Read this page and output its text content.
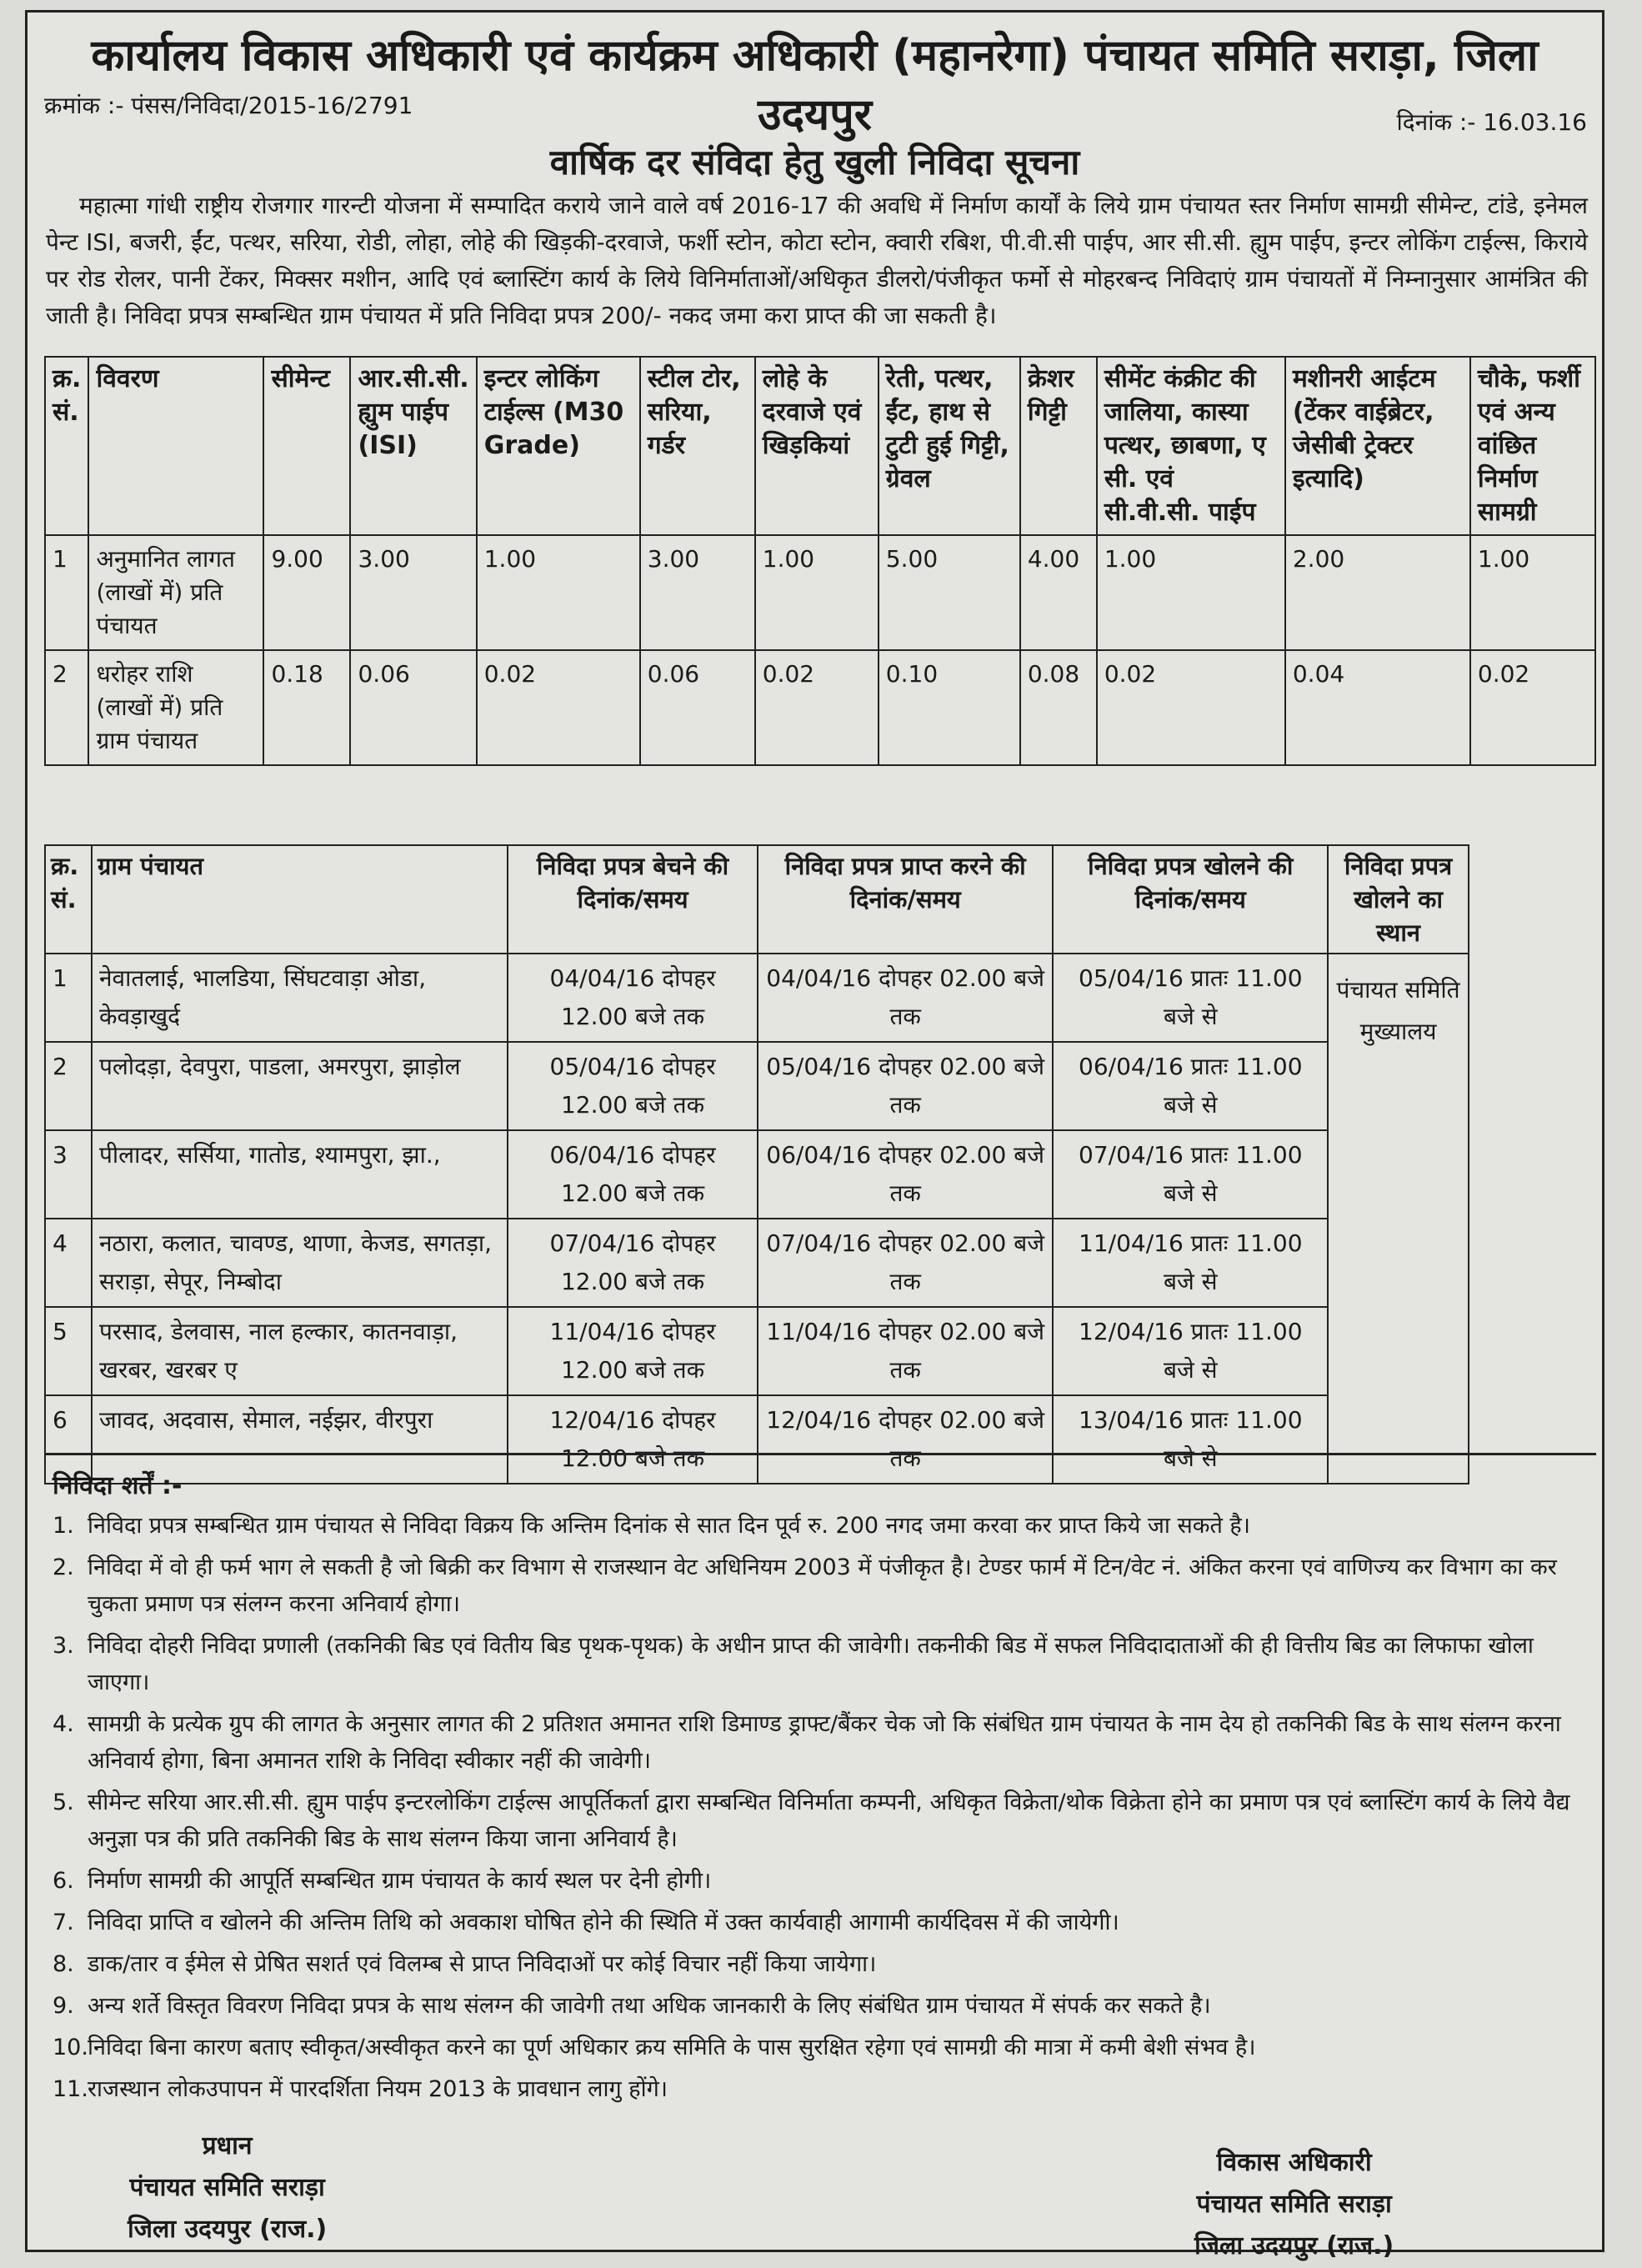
कार्यालय विकास अधिकारी एवं कार्यक्रम अधिकारी (महानरेगा) पंचायत समिति सराड़ा, जिला उदयपुर
क्रमांक :- पंसस/निविदा/2015-16/2791
दिनांक :- 16.03.16
वार्षिक दर संविदा हेतु खुली निविदा सूचना
महात्मा गांधी राष्ट्रीय रोजगार गारन्टी योजना में सम्पादित कराये जाने वाले वर्ष 2016-17 की अवधि में निर्माण कार्यों के लिये ग्राम पंचायत स्तर निर्माण सामग्री सीमेन्ट, टांडे, इनेमल पेन्ट ISI, बजरी, ईंट, पत्थर, सरिया, रोडी, लोहा, लोहे की खिड़की-दरवाजे, फर्शी स्टोन, कोटा स्टोन, क्वारी रबिश, पी.वी.सी पाईप, आर सी.सी. ह्युम पाईप, इन्टर लोकिंग टाईल्स, किराये पर रोड रोलर, पानी टेंकर, मिक्सर मशीन, आदि एवं ब्लास्टिंग कार्य के लिये विनिर्माताओं/अधिकृत डीलरो/पंजीकृत फर्मो से मोहरबन्द निविदाएं ग्राम पंचायतों में निम्नानुसार आमंत्रित की जाती है। निविदा प्रपत्र सम्बन्धित ग्राम पंचायत में प्रति निविदा प्रपत्र 200/- नकद जमा करा प्राप्त की जा सकती है।
क्र. सं.	विवरण	सीमेन्ट	आर.सी.सी. ह्युम पाईप (ISI)	इन्टर लोकिंग टाईल्स (M30 Grade)	स्टील टोर, सरिया, गर्डर	लोहे के दरवाजे एवं खिड़कियां	रेती, पत्थर, ईंट, हाथ से टुटी हुई गिट्टी, ग्रेवल	क्रेशर गिट्टी	सीमेंट कंक्रीट की जालिया, कास्या पत्थर, छाबणा, ए सी. एवं सी.वी.सी. पाईप	मशीनरी आईटम (टेंकर वाईब्रेटर, जेसीबी ट्रेक्टर इत्यादि)	चौके, फर्शी एवं अन्य वांछित निर्माण सामग्री
1	अनुमानित लागत (लाखों में) प्रति पंचायत	9.00	3.00	1.00	3.00	1.00	5.00	4.00	1.00	2.00	1.00
2	धरोहर राशि (लाखों में) प्रति ग्राम पंचायत	0.18	0.06	0.02	0.06	0.02	0.10	0.08	0.02	0.04	0.02
क्र. सं.	ग्राम पंचायत	निविदा प्रपत्र बेचने की दिनांक/समय	निविदा प्रपत्र प्राप्त करने की दिनांक/समय	निविदा प्रपत्र खोलने की दिनांक/समय	निविदा प्रपत्र खोलने का स्थान
1	नेवातलाई, भालडिया, सिंघटवाड़ा ओडा, केवड़ाखुर्द	04/04/16 दोपहर 12.00 बजे तक	04/04/16 दोपहर 02.00 बजे तक	05/04/16 प्रातः 11.00 बजे से	पंचायत समिति मुख्यालय
2	पलोदड़ा, देवपुरा, पाडला, अमरपुरा, झाड़ोल	05/04/16 दोपहर 12.00 बजे तक	05/04/16 दोपहर 02.00 बजे तक	06/04/16 प्रातः 11.00 बजे से	
3	पीलादर, सर्सिया, गातोड, श्यामपुरा, झा.,	06/04/16 दोपहर 12.00 बजे तक	06/04/16 दोपहर 02.00 बजे तक	07/04/16 प्रातः 11.00 बजे से	
4	नठारा, कलात, चावण्ड, थाणा, केजड, सगतड़ा, सराड़ा, सेपूर, निम्बोदा	07/04/16 दोपहर 12.00 बजे तक	07/04/16 दोपहर 02.00 बजे तक	11/04/16 प्रातः 11.00 बजे से	
5	परसाद, डेलवास, नाल हल्कार, कातनवाड़ा, खरबर, खरबर ए	11/04/16 दोपहर 12.00 बजे तक	11/04/16 दोपहर 02.00 बजे तक	12/04/16 प्रातः 11.00 बजे से	
6	जावद, अदवास, सेमाल, नईझर, वीरपुरा	12/04/16 दोपहर 12.00 बजे तक	12/04/16 दोपहर 02.00 बजे तक	13/04/16 प्रातः 11.00 बजे से	
निविदा शर्तें :-
1. निविदा प्रपत्र सम्बन्धित ग्राम पंचायत से निविदा विक्रय कि अन्तिम दिनांक से सात दिन पूर्व रु. 200 नगद जमा करवा कर प्राप्त किये जा सकते है।
2. निविदा में वो ही फर्म भाग ले सकती है जो बिक्री कर विभाग से राजस्थान वेट अधिनियम 2003 में पंजीकृत है। टेण्डर फार्म में टिन/वेट नं. अंकित करना एवं वाणिज्य कर विभाग का कर चुकता प्रमाण पत्र संलग्न करना अनिवार्य होगा।
3. निविदा दोहरी निविदा प्रणाली (तकनिकी बिड एवं वितीय बिड पृथक-पृथक) के अधीन प्राप्त की जावेगी। तकनीकी बिड में सफल निविदादाताओं की ही वित्तीय बिड का लिफाफा खोला जाएगा।
4. सामग्री के प्रत्येक ग्रुप की लागत के अनुसार लागत की 2 प्रतिशत अमानत राशि डिमाण्ड ड्राफ्ट/बैंकर चेक जो कि संबंधित ग्राम पंचायत के नाम देय हो तकनिकी बिड के साथ संलग्न करना अनिवार्य होगा, बिना अमानत राशि के निविदा स्वीकार नहीं की जावेगी।
5. सीमेन्ट सरिया आर.सी.सी. ह्युम पाईप इन्टरलोकिंग टाईल्स आपूर्तिकर्ता द्वारा सम्बन्धित विनिर्माता कम्पनी, अधिकृत विक्रेता/थोक विक्रेता होने का प्रमाण पत्र एवं ब्लास्टिंग कार्य के लिये वैद्य अनुज्ञा पत्र की प्रति तकनिकी बिड के साथ संलग्न किया जाना अनिवार्य है।
6. निर्माण सामग्री की आपूर्ति सम्बन्धित ग्राम पंचायत के कार्य स्थल पर देनी होगी।
7. निविदा प्राप्ति व खोलने की अन्तिम तिथि को अवकाश घोषित होने की स्थिति में उक्त कार्यवाही आगामी कार्यदिवस में की जायेगी।
8. डाक/तार व ईमेल से प्रेषित सशर्त एवं विलम्ब से प्राप्त निविदाओं पर कोई विचार नहीं किया जायेगा।
9. अन्य शर्ते विस्तृत विवरण निविदा प्रपत्र के साथ संलग्न की जावेगी तथा अधिक जानकारी के लिए संबंधित ग्राम पंचायत में संपर्क कर सकते है।
10. निविदा बिना कारण बताए स्वीकृत/अस्वीकृत करने का पूर्ण अधिकार क्रय समिति के पास सुरक्षित रहेगा एवं सामग्री की मात्रा में कमी बेशी संभव है।
11. राजस्थान लोकउपापन में पारदर्शिता नियम 2013 के प्रावधान लागु होंगे।
प्रधान
पंचायत समिति सराड़ा
जिला उदयपुर (राज.)
विकास अधिकारी
पंचायत समिति सराड़ा
जिला उदयपुर (राज.)
